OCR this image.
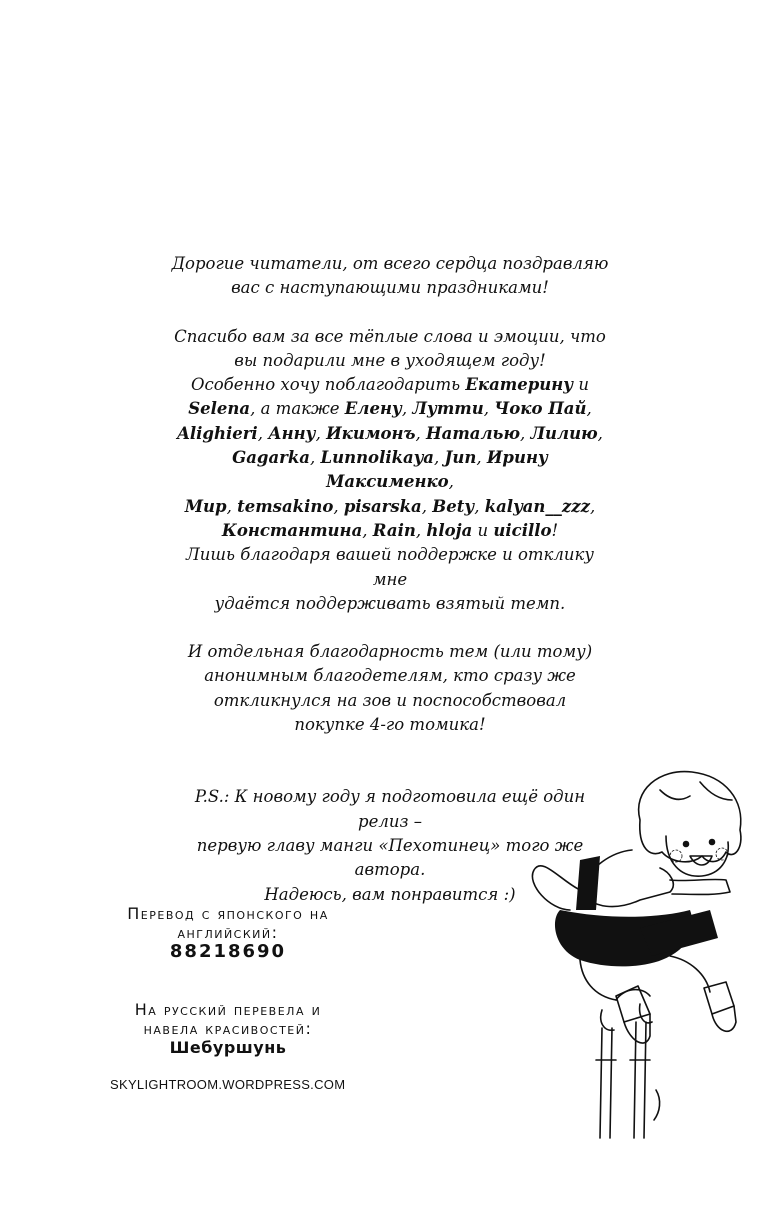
Дорогие читатели, от всего сердца поздравляю

вас с наступающими праздниками!

Спасибо вам за все тёплые слова и эмоции, что

вы подарили мне в уходящем году!

Особенно хочу поблагодарить Екатерину и

Selena, а также Елену, Лутти, Чоко Пай,

Alighieri, Анну, Икимонъ, Наталью, Лилию,

Gagarka, Lunnolikaya, Jun, Ирину Максименко,

Мир, temsakino, pisarska, Betу, kalyan__zzz,

Константина, Rain, hloja и uicillo!

Лишь благодаря вашей поддержке и отклику мне

удаётся поддерживать взятый темп.

И отдельная благодарность тем (или тому)

анонимным благодетелям, кто сразу же

откликнулся на зов и поспособствовал

покупке 4-го томика!

P.S.: К новому году я подготовила ещё один релиз –

первую главу манги «Пехотинец» того же автора.

Надеюсь, вам понравится :)

Перевод с японского на
английский: 88218690
На русский перевела и
навела красивостей:
Шебуршунь
SKYLIGHTROOM.WORDPRESS.COM
